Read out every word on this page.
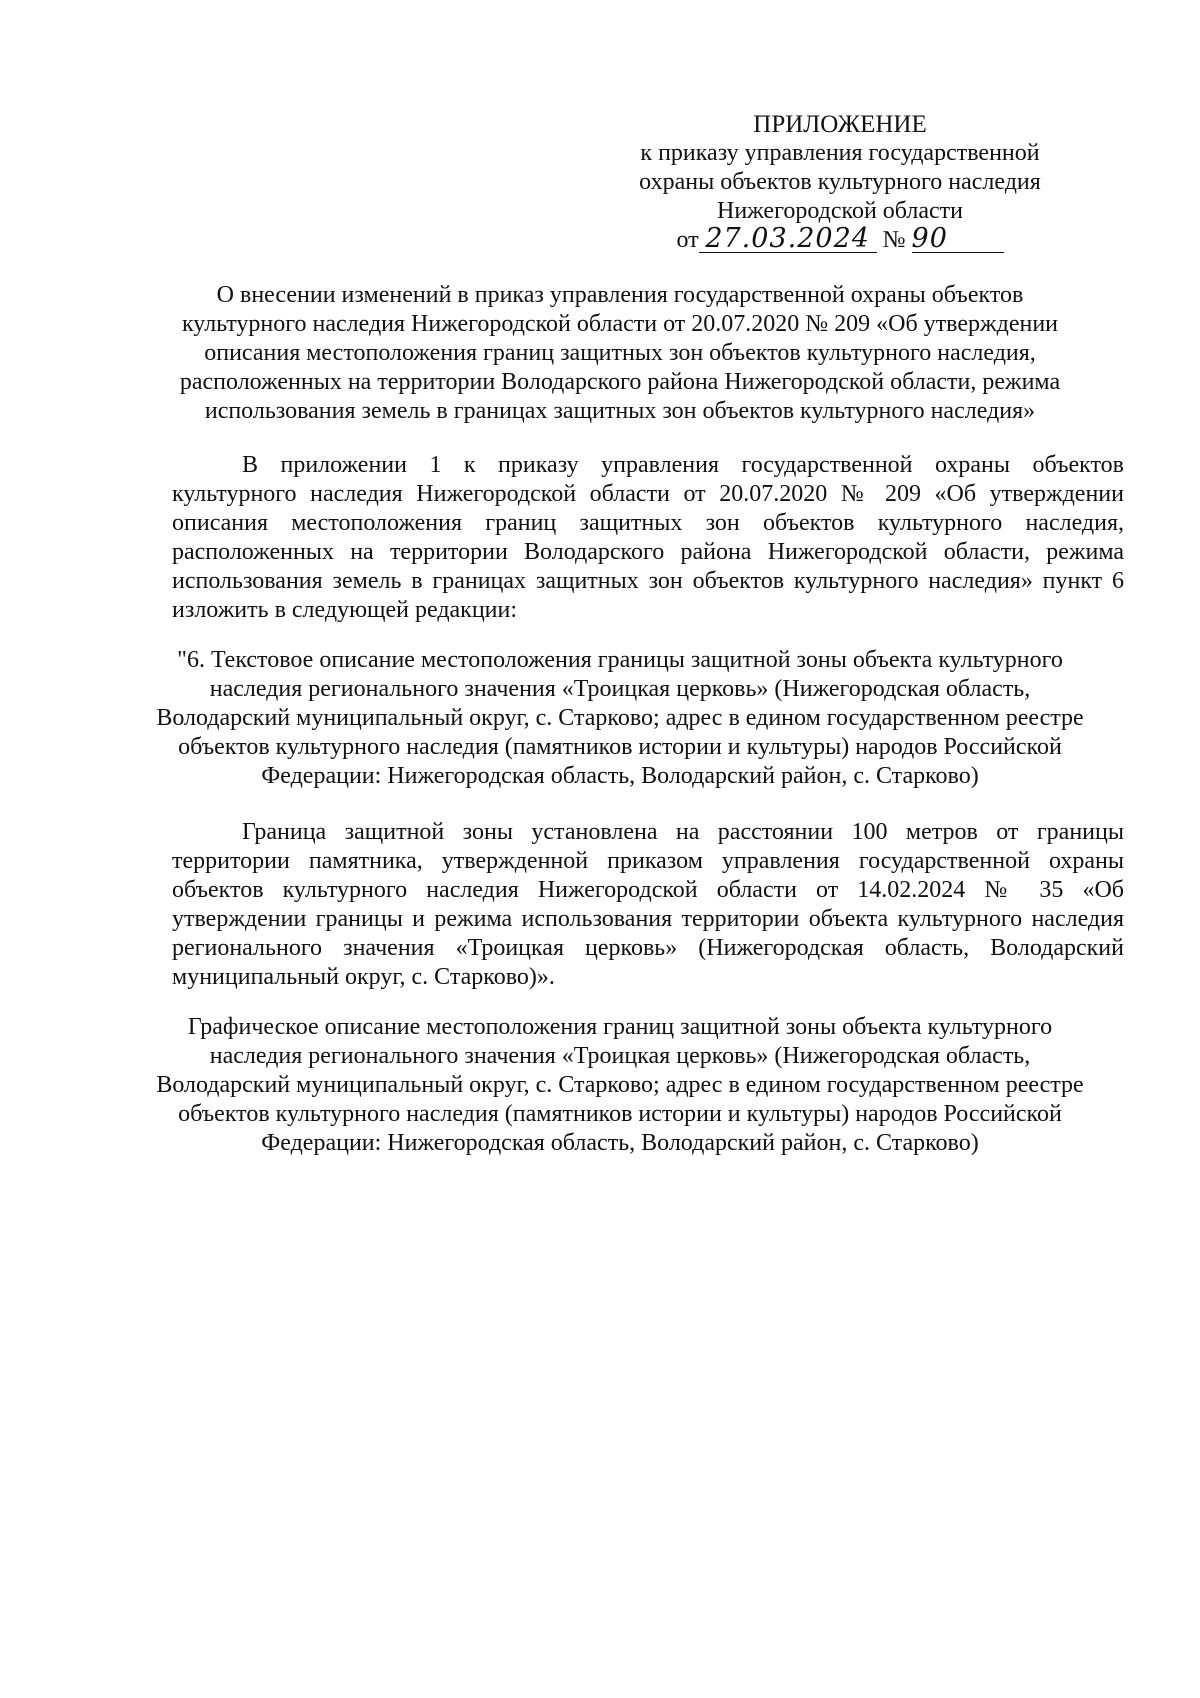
ПРИЛОЖЕНИЕ
к приказу управления государственной
охраны объектов культурного наследия
Нижегородской области
от 27.03.2024 № 90
О внесении изменений в приказ управления государственной охраны объектов
культурного наследия Нижегородской области от 20.07.2020 № 209 «Об утверждении
описания местоположения границ защитных зон объектов культурного наследия,
расположенных на территории Володарского района Нижегородской области, режима
использования земель в границах защитных зон объектов культурного наследия»
В приложении 1 к приказу управления государственной охраны объектов
культурного наследия Нижегородской области от 20.07.2020 № 209 «Об утверждении
описания местоположения границ защитных зон объектов культурного наследия,
расположенных на территории Володарского района Нижегородской области, режима
использования земель в границах защитных зон объектов культурного наследия» пункт 6
изложить в следующей редакции:
"6. Текстовое описание местоположения границы защитной зоны объекта культурного
наследия регионального значения «Троицкая церковь» (Нижегородская область,
Володарский муниципальный округ, с. Старково; адрес в едином государственном реестре
объектов культурного наследия (памятников истории и культуры) народов Российской
Федерации: Нижегородская область, Володарский район, с. Старково)
Граница защитной зоны установлена на расстоянии 100 метров от границы
территории памятника, утвержденной приказом управления государственной охраны
объектов культурного наследия Нижегородской области от 14.02.2024 № 35 «Об
утверждении границы и режима использования территории объекта культурного наследия
регионального значения «Троицкая церковь» (Нижегородская область, Володарский
муниципальный округ, с. Старково)».
Графическое описание местоположения границ защитной зоны объекта культурного
наследия регионального значения «Троицкая церковь» (Нижегородская область,
Володарский муниципальный округ, с. Старково; адрес в едином государственном реестре
объектов культурного наследия (памятников истории и культуры) народов Российской
Федерации: Нижегородская область, Володарский район, с. Старково)
